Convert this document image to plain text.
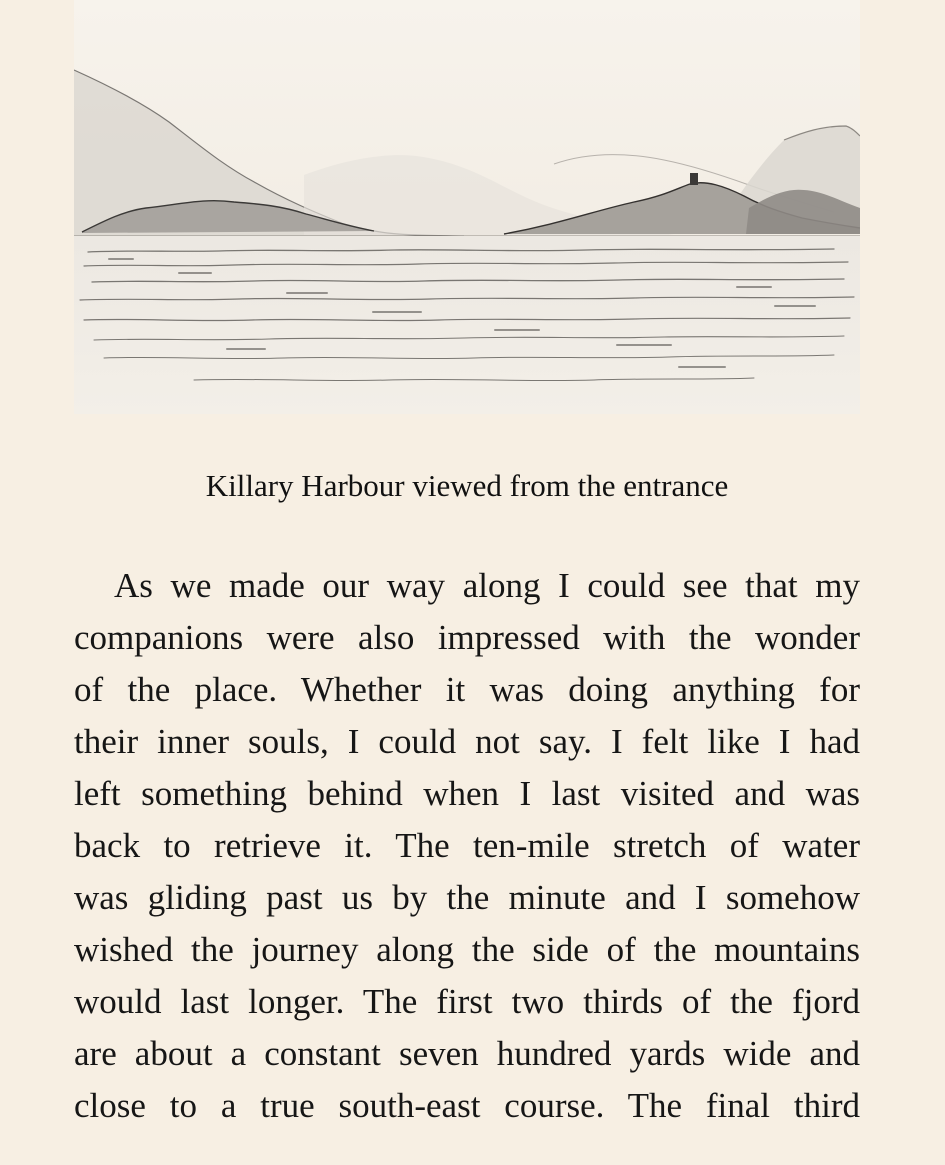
Killary Harbour viewed from the entrance
As we made our way along I could see that my
companions were also impressed with the wonder
of the place. Whether it was doing anything for
their inner souls, I could not say. I felt like I had
left something behind when I last visited and was
back to retrieve it. The ten-mile stretch of water
was gliding past us by the minute and I somehow
wished the journey along the side of the mountains
would last longer. The first two thirds of the fjord
are about a constant seven hundred yards wide and
close to a true south-east course. The final third
